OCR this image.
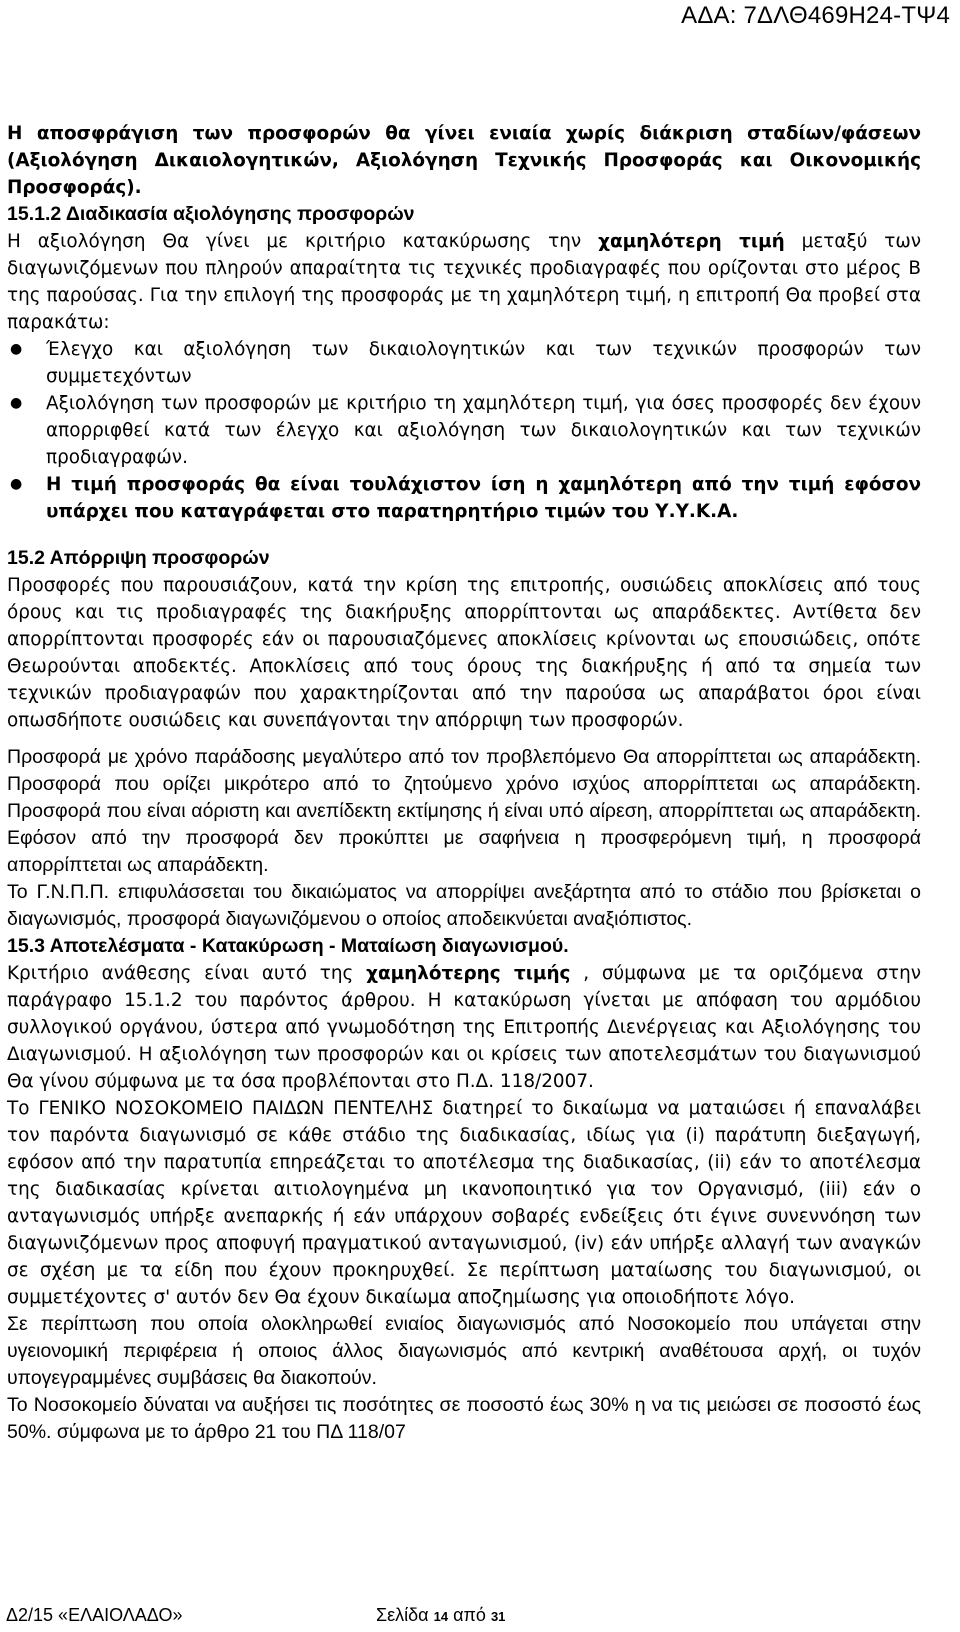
ΑΔΑ: 7ΔΛΘ469Η24-ΤΨ4

Η αποσφράγιση των προσφορών θα γίνει ενιαία χωρίς διάκριση σταδίων/φάσεων (Αξιολόγηση Δικαιολογητικών, Αξιολόγηση Τεχνικής Προσφοράς και Οικονομικής Προσφοράς).

15.1.2 Διαδικασία αξιολόγησης προσφορών

Η αξιολόγηση Θα γίνει με κριτήριο κατακύρωσης την χαμηλότερη τιμή μεταξύ των διαγωνιζόμενων που πληρούν απαραίτητα τις τεχνικές προδιαγραφές που ορίζονται στο μέρος Β της παρούσας. Για την επιλογή της προσφοράς με τη χαμηλότερη τιμή, η επιτροπή Θα προβεί στα παρακάτω:

● Έλεγχο και αξιολόγηση των δικαιολογητικών και των τεχνικών προσφορών των συμμετεχόντων
● Αξιολόγηση των προσφορών με κριτήριο τη χαμηλότερη τιμή, για όσες προσφορές δεν έχουν απορριφθεί κατά των έλεγχο και αξιολόγηση των δικαιολογητικών και των τεχνικών προδιαγραφών.
● Η τιμή προσφοράς θα είναι τουλάχιστον ίση η χαμηλότερη από την τιμή εφόσον υπάρχει που καταγράφεται στο παρατηρητήριο τιμών του Υ.Υ.Κ.Α.

15.2 Απόρριψη προσφορών

Προσφορές που παρουσιάζουν, κατά την κρίση της επιτροπής, ουσιώδεις αποκλίσεις από τους όρους και τις προδιαγραφές της διακήρυξης απορρίπτονται ως απαράδεκτες. Αντίθετα δεν απορρίπτονται προσφορές εάν οι παρουσιαζόμενες αποκλίσεις κρίνονται ως επουσιώδεις, οπότε Θεωρούνται αποδεκτές. Αποκλίσεις από τους όρους της διακήρυξης ή από τα σημεία των τεχνικών προδιαγραφών που χαρακτηρίζονται από την παρούσα ως απαράβατοι όροι είναι οπωσδήποτε ουσιώδεις και συνεπάγονται την απόρριψη των προσφορών.

Προσφορά με χρόνο παράδοσης μεγαλύτερο από τον προβλεπόμενο Θα απορρίπτεται ως απαράδεκτη. Προσφορά που ορίζει μικρότερο από το ζητούμενο χρόνο ισχύος απορρίπτεται ως απαράδεκτη. Προσφορά που είναι αόριστη και ανεπίδεκτη εκτίμησης ή είναι υπό αίρεση, απορρίπτεται ως απαράδεκτη. Εφόσον από την προσφορά δεν προκύπτει με σαφήνεια η προσφερόμενη τιμή, η προσφορά απορρίπτεται ως απαράδεκτη.

Το Γ.Ν.Π.Π. επιφυλάσσεται του δικαιώματος να απορρίψει ανεξάρτητα από το στάδιο που βρίσκεται ο διαγωνισμός, προσφορά διαγωνιζόμενου ο οποίος αποδεικνύεται αναξιόπιστος.

15.3 Αποτελέσματα - Κατακύρωση - Ματαίωση διαγωνισμού.

Κριτήριο ανάθεσης είναι αυτό της χαμηλότερης τιμής , σύμφωνα με τα οριζόμενα στην παράγραφο 15.1.2 του παρόντος άρθρου. Η κατακύρωση γίνεται με απόφαση του αρμόδιου συλλογικού οργάνου, ύστερα από γνωμοδότηση της Επιτροπής Διενέργειας και Αξιολόγησης του Διαγωνισμού. Η αξιολόγηση των προσφορών και οι κρίσεις των αποτελεσμάτων του διαγωνισμού Θα γίνου σύμφωνα με τα όσα προβλέπονται στο Π.Δ. 118/2007.

Το ΓΕΝΙΚΟ ΝΟΣΟΚΟΜΕΙΟ ΠΑΙΔΩΝ ΠΕΝΤΕΛΗΣ διατηρεί το δικαίωμα να ματαιώσει ή επαναλάβει τον παρόντα διαγωνισμό σε κάθε στάδιο της διαδικασίας, ιδίως για (i) παράτυπη διεξαγωγή, εφόσον από την παρατυπία επηρεάζεται το αποτέλεσμα της διαδικασίας, (ii) εάν το αποτέλεσμα της διαδικασίας κρίνεται αιτιολογημένα μη ικανοποιητικό για τον Οργανισμό, (iii) εάν ο ανταγωνισμός υπήρξε ανεπαρκής ή εάν υπάρχουν σοβαρές ενδείξεις ότι έγινε συνεννόηση των διαγωνιζόμενων προς αποφυγή πραγματικού ανταγωνισμού, (iv) εάν υπήρξε αλλαγή των αναγκών σε σχέση με τα είδη που έχουν προκηρυχθεί. Σε περίπτωση ματαίωσης του διαγωνισμού, οι συμμετέχοντες σ' αυτόν δεν Θα έχουν δικαίωμα αποζημίωσης για οποιοδήποτε λόγο.

Σε περίπτωση που οποία ολοκληρωθεί ενιαίος διαγωνισμός από Νοσοκομείο που υπάγεται στην υγειονομική περιφέρεια ή οποιος άλλος διαγωνισμός από κεντρική αναθέτουσα αρχή, οι τυχόν υπογεγραμμένες συμβάσεις θα διακοπούν.

Το Νοσοκομείο δύναται να αυξήσει τις ποσότητες σε ποσοστό έως 30% η να τις μειώσει σε ποσοστό έως 50%. σύμφωνα με το άρθρο 21 του ΠΔ 118/07

Δ2/15 «ΕΛΑΙΟΛΑΔΟ»	Σελίδα 14 από 31
